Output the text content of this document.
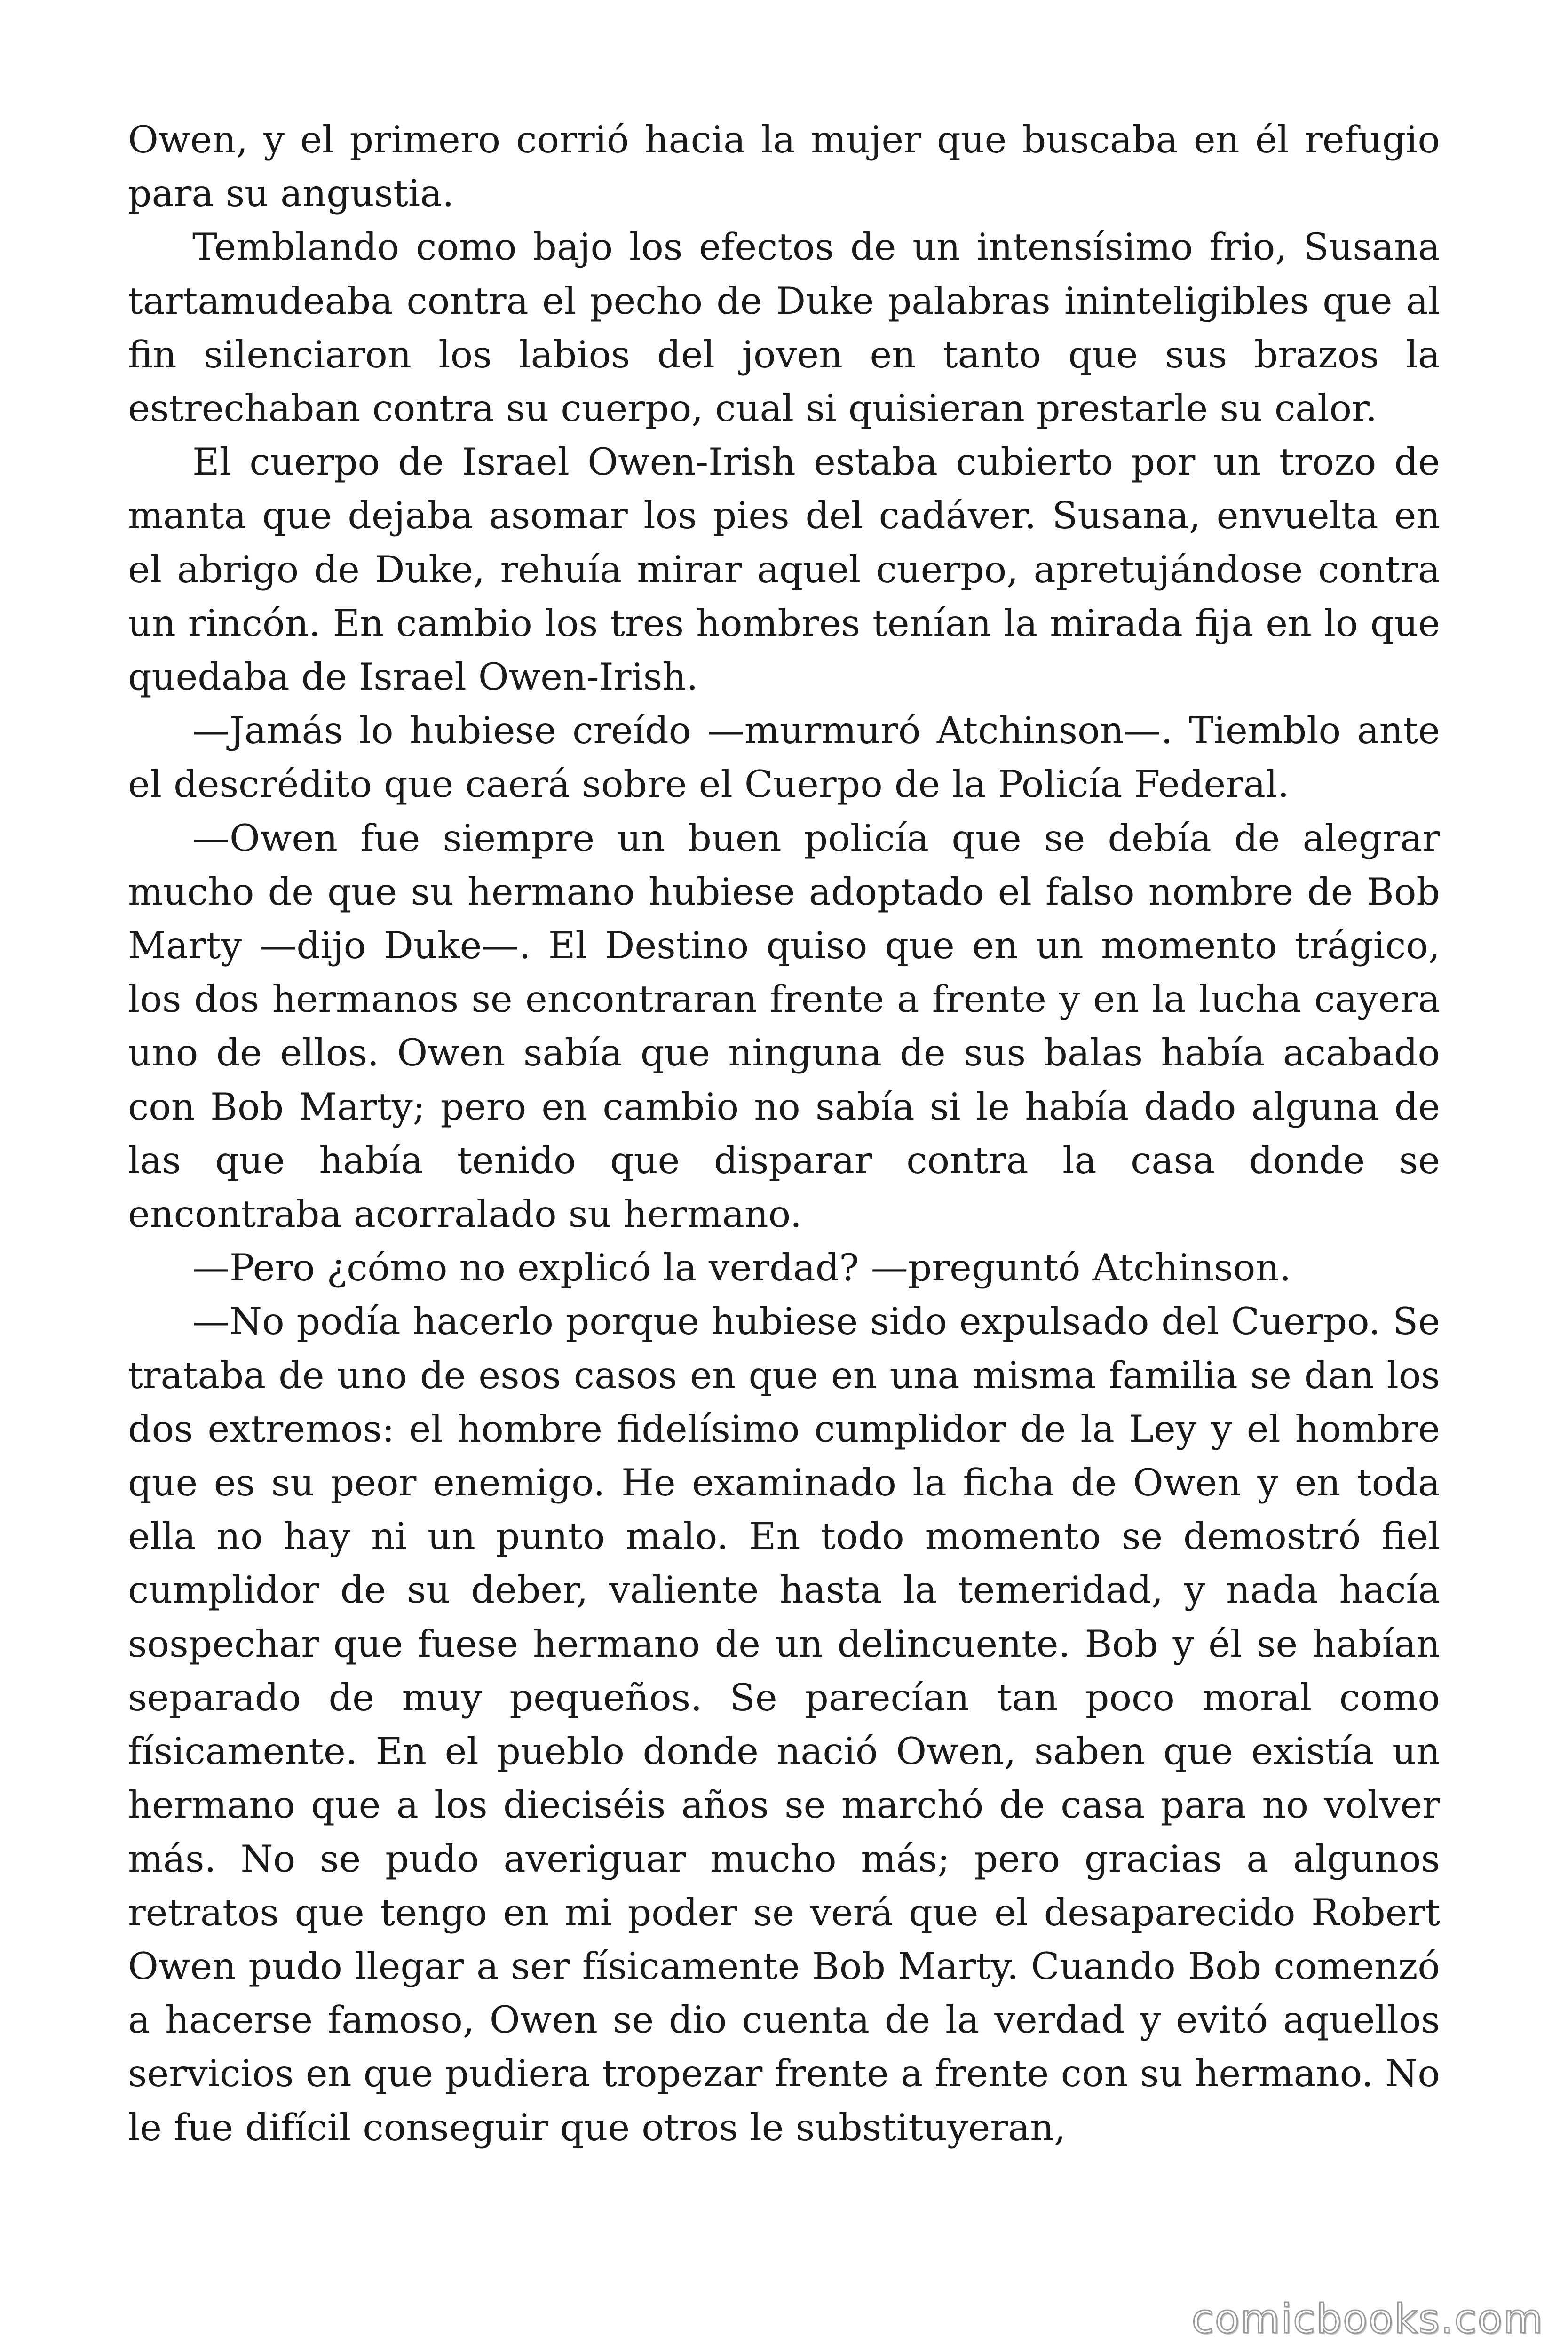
Owen, y el primero corrió hacia la mujer que buscaba en él refugio para su angustia.

Temblando como bajo los efectos de un intensísimo frio, Susana tartamudeaba contra el pecho de Duke palabras ininteligibles que al fin silenciaron los labios del joven en tanto que sus brazos la estrechaban contra su cuerpo, cual si quisieran prestarle su calor.

El cuerpo de Israel Owen-Irish estaba cubierto por un trozo de manta que dejaba asomar los pies del cadáver. Susana, envuelta en el abrigo de Duke, rehuía mirar aquel cuerpo, apretujándose contra un rincón. En cambio los tres hombres tenían la mirada fija en lo que quedaba de Israel Owen-Irish.

—Jamás lo hubiese creído —murmuró Atchinson—. Tiemblo ante el descrédito que caerá sobre el Cuerpo de la Policía Federal.

—Owen fue siempre un buen policía que se debía de alegrar mucho de que su hermano hubiese adoptado el falso nombre de Bob Marty —dijo Duke—. El Destino quiso que en un momento trágico, los dos hermanos se encontraran frente a frente y en la lucha cayera uno de ellos. Owen sabía que ninguna de sus balas había acabado con Bob Marty; pero en cambio no sabía si le había dado alguna de las que había tenido que disparar contra la casa donde se encontraba acorralado su hermano.

—Pero ¿cómo no explicó la verdad? —preguntó Atchinson.

—No podía hacerlo porque hubiese sido expulsado del Cuerpo. Se trataba de uno de esos casos en que en una misma familia se dan los dos extremos: el hombre fidelísimo cumplidor de la Ley y el hombre que es su peor enemigo. He examinado la ficha de Owen y en toda ella no hay ni un punto malo. En todo momento se demostró fiel cumplidor de su deber, valiente hasta la temeridad, y nada hacía sospechar que fuese hermano de un delincuente. Bob y él se habían separado de muy pequeños. Se parecían tan poco moral como físicamente. En el pueblo donde nació Owen, saben que existía un hermano que a los dieciséis años se marchó de casa para no volver más. No se pudo averiguar mucho más; pero gracias a algunos retratos que tengo en mi poder se verá que el desaparecido Robert Owen pudo llegar a ser físicamente Bob Marty. Cuando Bob comenzó a hacerse famoso, Owen se dio cuenta de la verdad y evitó aquellos servicios en que pudiera tropezar frente a frente con su hermano. No le fue difícil conseguir que otros le substituyeran,

comicbooks.com
